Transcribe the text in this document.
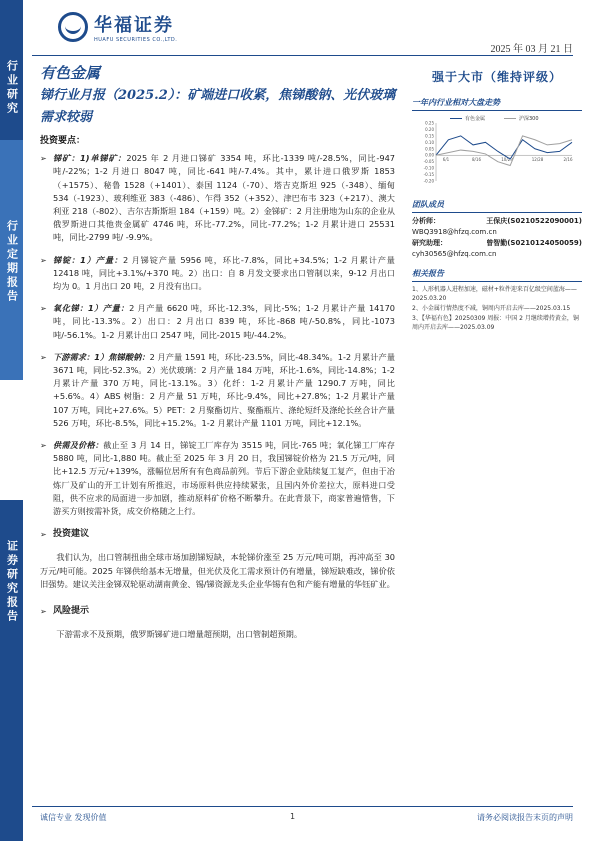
行业研究
行业定期报告
证券研究报告
华福证券
HUAFU SECURITIES CO.,LTD.
2025 年 03 月 21 日
有色金属
锑行业月报（2025.2）：矿端进口收紧，焦锑酸钠、光伏玻璃需求较弱
投资要点：
➢ 锑矿：1)单锑矿：2025 年 2 月进口锑矿 3354 吨，环比-1339 吨/-28.5%，同比-947 吨/-22%；1-2 月进口 8047 吨，同比-641 吨/-7.4%。其中，累计进口俄罗斯 1853（+1575）、秘鲁 1528（+1401）、泰国 1124（-70）、塔吉克斯坦 925（-348）、缅甸 534（-1923）、玻利维亚 383（-486）、乍得 352（+352）、津巴布韦 323（+217）、澳大利亚 218（-802）、吉尔吉斯斯坦 184（+159）吨。2）金锑矿：2 月注册地为山东的企业从俄罗斯进口其他贵金属矿 4746 吨，环比-77.2%，同比-77.2%；1-2 月累计进口 25531 吨，同比-2799 吨/ -9.9%。
➢ 锑锭：1）产量：2 月锑锭产量 5956 吨，环比-7.8%，同比+34.5%；1-2 月累计产量 12418 吨，同比+3.1%/+370 吨。2）出口：自 8 月发文要求出口管制以来，9-12 月出口均为 0。1 月出口 20 吨，2 月没有出口。
➢ 氧化锑：1）产量：2 月产量 6620 吨，环比-12.3%，同比-5%；1-2 月累计产量 14170 吨，同比-13.3%。2）出口：2 月出口 839 吨，环比-868 吨/-50.8%，同比-1073 吨/-56.1%。1-2 月累计出口 2547 吨，同比-2015 吨/-44.2%。
➢ 下游需求：1）焦锑酸钠：2 月产量 1591 吨，环比-23.5%，同比-48.34%。1-2 月累计产量 3671 吨，同比-52.3%。2）光伏玻璃：2 月产量 184 万吨，环比-1.6%，同比-14.8%；1-2 月累计产量 370 万吨，同比-13.1%。3）化纤：1-2 月累计产量 1290.7 万吨，同比+5.6%。4）ABS 树脂：2 月产量 51 万吨，环比-9.4%，同比+27.8%；1-2 月累计产量 107 万吨，同比+27.6%。5）PET：2 月聚酯切片、聚酯瓶片、涤纶短纤及涤纶长丝合计产量 526 万吨，环比-8.5%，同比+15.2%。1-2 月累计产量 1101 万吨，同比+12.1%。
➢ 供需及价格：截止至 3 月 14 日，锑锭工厂库存为 3515 吨，同比-765 吨；氧化锑工厂库存 5880 吨，同比-1,880 吨。截止至 2025 年 3 月 20 日，我国锑锭价格为 21.5 万元/吨，同比+12.5 万元/+139%，涨幅位居所有有色商品前列。节后下游企业陆续复工复产，但由于冶炼厂及矿山的开工计划有所推迟，市场原料供应持续紧张，且国内外价差拉大，原料进口受阻，供不应求的局面进一步加剧，推动原料矿价格不断攀升。在此背景下，商家普遍惜售，下游买方则按需补货，成交价格随之上行。
➢ 投资建议
我们认为，出口管制扭曲全球市场加剧锑短缺，本轮锑价涨至 25 万元/吨可期，再冲高至 30 万元/吨可能。2025 年锑供给基本无增量，但光伏及化工需求预计仍有增量，锑短缺难改，锑价依旧强势。建议关注金锑双轮驱动湖南黄金、锡/锑资源龙头企业华锡有色和产能有增量的华钰矿业。
➢ 风险提示
下游需求不及预期，俄罗斯锑矿进口增量超预期，出口管制超预期。
强于大市（维持评级）
一年内行业相对大盘走势
0.25
0.20
0.15
0.10
0.05
0.00
-0.05
-0.10
-0.15
-0.20
6/1	8/16	10/23	12/28	2/16
有色金属	沪深300
团队成员
分析师：	王保庆(S0210522090001)
WBQ3918@hfzq.com.cn
研究助理：	曾智勤(S0210124050059)
cyh30565@hfzq.com.cn
相关报告
1、人形机器人进程加速，磁材+粒件迎来百亿级空间蓝海——2025.03.20
2、小金属行情热度不减，铜周内开启去库——2025.03.15
3、【华福有色】20250309 周报：中国 2 月继续增持黄金，铜周内开启去库——2025.03.09
诚信专业 发现价值	1	请务必阅读报告末页的声明
